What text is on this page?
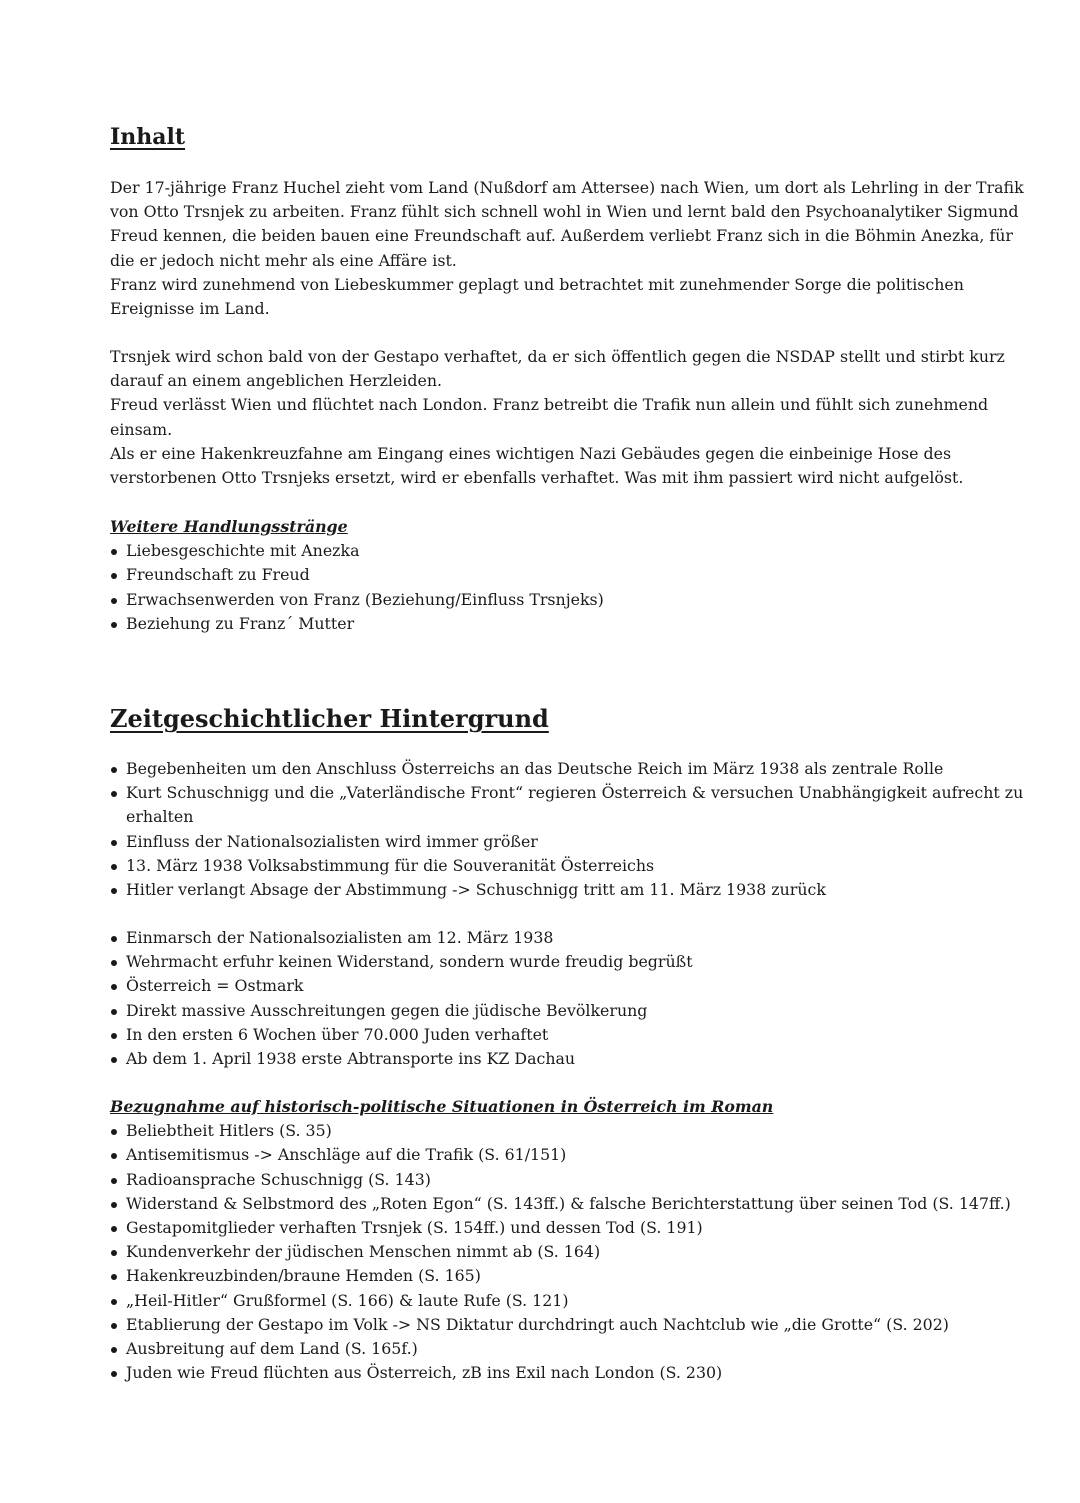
Inhalt

Der 17-jährige Franz Huchel zieht vom Land (Nußdorf am Attersee) nach Wien, um dort als Lehrling in der Trafik

von Otto Trsnjek zu arbeiten. Franz fühlt sich schnell wohl in Wien und lernt bald den Psychoanalytiker Sigmund

Freud kennen, die beiden bauen eine Freundschaft auf. Außerdem verliebt Franz sich in die Böhmin Anezka, für

die er jedoch nicht mehr als eine Affäre ist.

Franz wird zunehmend von Liebeskummer geplagt und betrachtet mit zunehmender Sorge die politischen

Ereignisse im Land.

Trsnjek wird schon bald von der Gestapo verhaftet, da er sich öffentlich gegen die NSDAP stellt und stirbt kurz

darauf an einem angeblichen Herzleiden.

Freud verlässt Wien und flüchtet nach London. Franz betreibt die Trafik nun allein und fühlt sich zunehmend

einsam.

Als er eine Hakenkreuzfahne am Eingang eines wichtigen Nazi Gebäudes gegen die einbeinige Hose des

verstorbenen Otto Trsnjeks ersetzt, wird er ebenfalls verhaftet. Was mit ihm passiert wird nicht aufgelöst.

Weitere Handlungsstränge

Liebesgeschichte mit Anezka
Freundschaft zu Freud
Erwachsenwerden von Franz (Beziehung/Einfluss Trsnjeks)
Beziehung zu Franz´ Mutter
Zeitgeschichtlicher Hintergrund
Begebenheiten um den Anschluss Österreichs an das Deutsche Reich im März 1938 als zentrale Rolle
Kurt Schuschnigg und die „Vaterländische Front“ regieren Österreich & versuchen Unabhängigkeit aufrecht zu
erhalten
Einfluss der Nationalsozialisten wird immer größer
13. März 1938 Volksabstimmung für die Souveranität Österreichs
Hitler verlangt Absage der Abstimmung -> Schuschnigg tritt am 11. März 1938 zurück
Einmarsch der Nationalsozialisten am 12. März 1938
Wehrmacht erfuhr keinen Widerstand, sondern wurde freudig begrüßt
Österreich = Ostmark
Direkt massive Ausschreitungen gegen die jüdische Bevölkerung
In den ersten 6 Wochen über 70.000 Juden verhaftet
Ab dem 1. April 1938 erste Abtransporte ins KZ Dachau

Bezugnahme auf historisch-politische Situationen in Österreich im Roman

Beliebtheit Hitlers (S. 35)
Antisemitismus -> Anschläge auf die Trafik (S. 61/151)
Radioansprache Schuschnigg (S. 143)
Widerstand & Selbstmord des „Roten Egon“ (S. 143ff.) & falsche Berichterstattung über seinen Tod (S. 147ff.)
Gestapomitglieder verhaften Trsnjek (S. 154ff.) und dessen Tod (S. 191)
Kundenverkehr der jüdischen Menschen nimmt ab (S. 164)
Hakenkreuzbinden/braune Hemden (S. 165)
„Heil-Hitler“ Grußformel (S. 166) & laute Rufe (S. 121)
Etablierung der Gestapo im Volk -> NS Diktatur durchdringt auch Nachtclub wie „die Grotte“ (S. 202)
Ausbreitung auf dem Land (S. 165f.)
Juden wie Freud flüchten aus Österreich, zB ins Exil nach London (S. 230)
